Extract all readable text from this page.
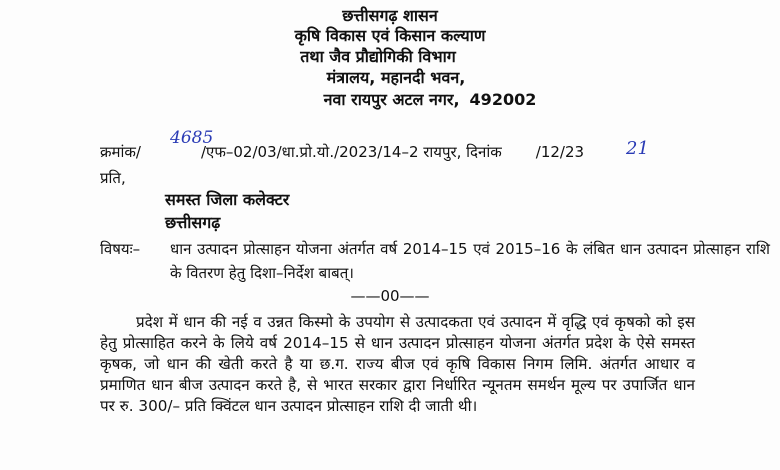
छत्तीसगढ़ शासन
कृषि विकास एवं किसान कल्याण
तथा जैव प्रौद्योगिकी विभाग
मंत्रालय, महानदी भवन,
नवा रायपुर अटल नगर, 492002
4685
क्रमांक/	/एफ–02/03/धा.प्रो.यो./2023/14–2 रायपुर, दिनांक /12/23 21
प्रति,
समस्त जिला कलेक्टर
छत्तीसगढ़
विषयः– धान उत्पादन प्रोत्साहन योजना अंतर्गत वर्ष 2014–15 एवं 2015–16 के लंबित धान उत्पादन प्रोत्साहन राशि के वितरण हेतु दिशा–निर्देश बाबत्।
——00——
प्रदेश में धान की नई व उन्नत किस्मो के उपयोग से उत्पादकता एवं उत्पादन में वृद्धि एवं कृषको को इस हेतु प्रोत्साहित करने के लिये वर्ष 2014–15 से धान उत्पादन प्रोत्साहन योजना अंतर्गत प्रदेश के ऐसे समस्त कृषक, जो धान की खेती करते है या छ.ग. राज्य बीज एवं कृषि विकास निगम लिमि. अंतर्गत आधार व प्रमाणित धान बीज उत्पादन करते है, से भारत सरकार द्वारा निर्धारित न्यूनतम समर्थन मूल्य पर उपार्जित धान पर रु. 300/– प्रति क्विंटल धान उत्पादन प्रोत्साहन राशि दी जाती थी।
